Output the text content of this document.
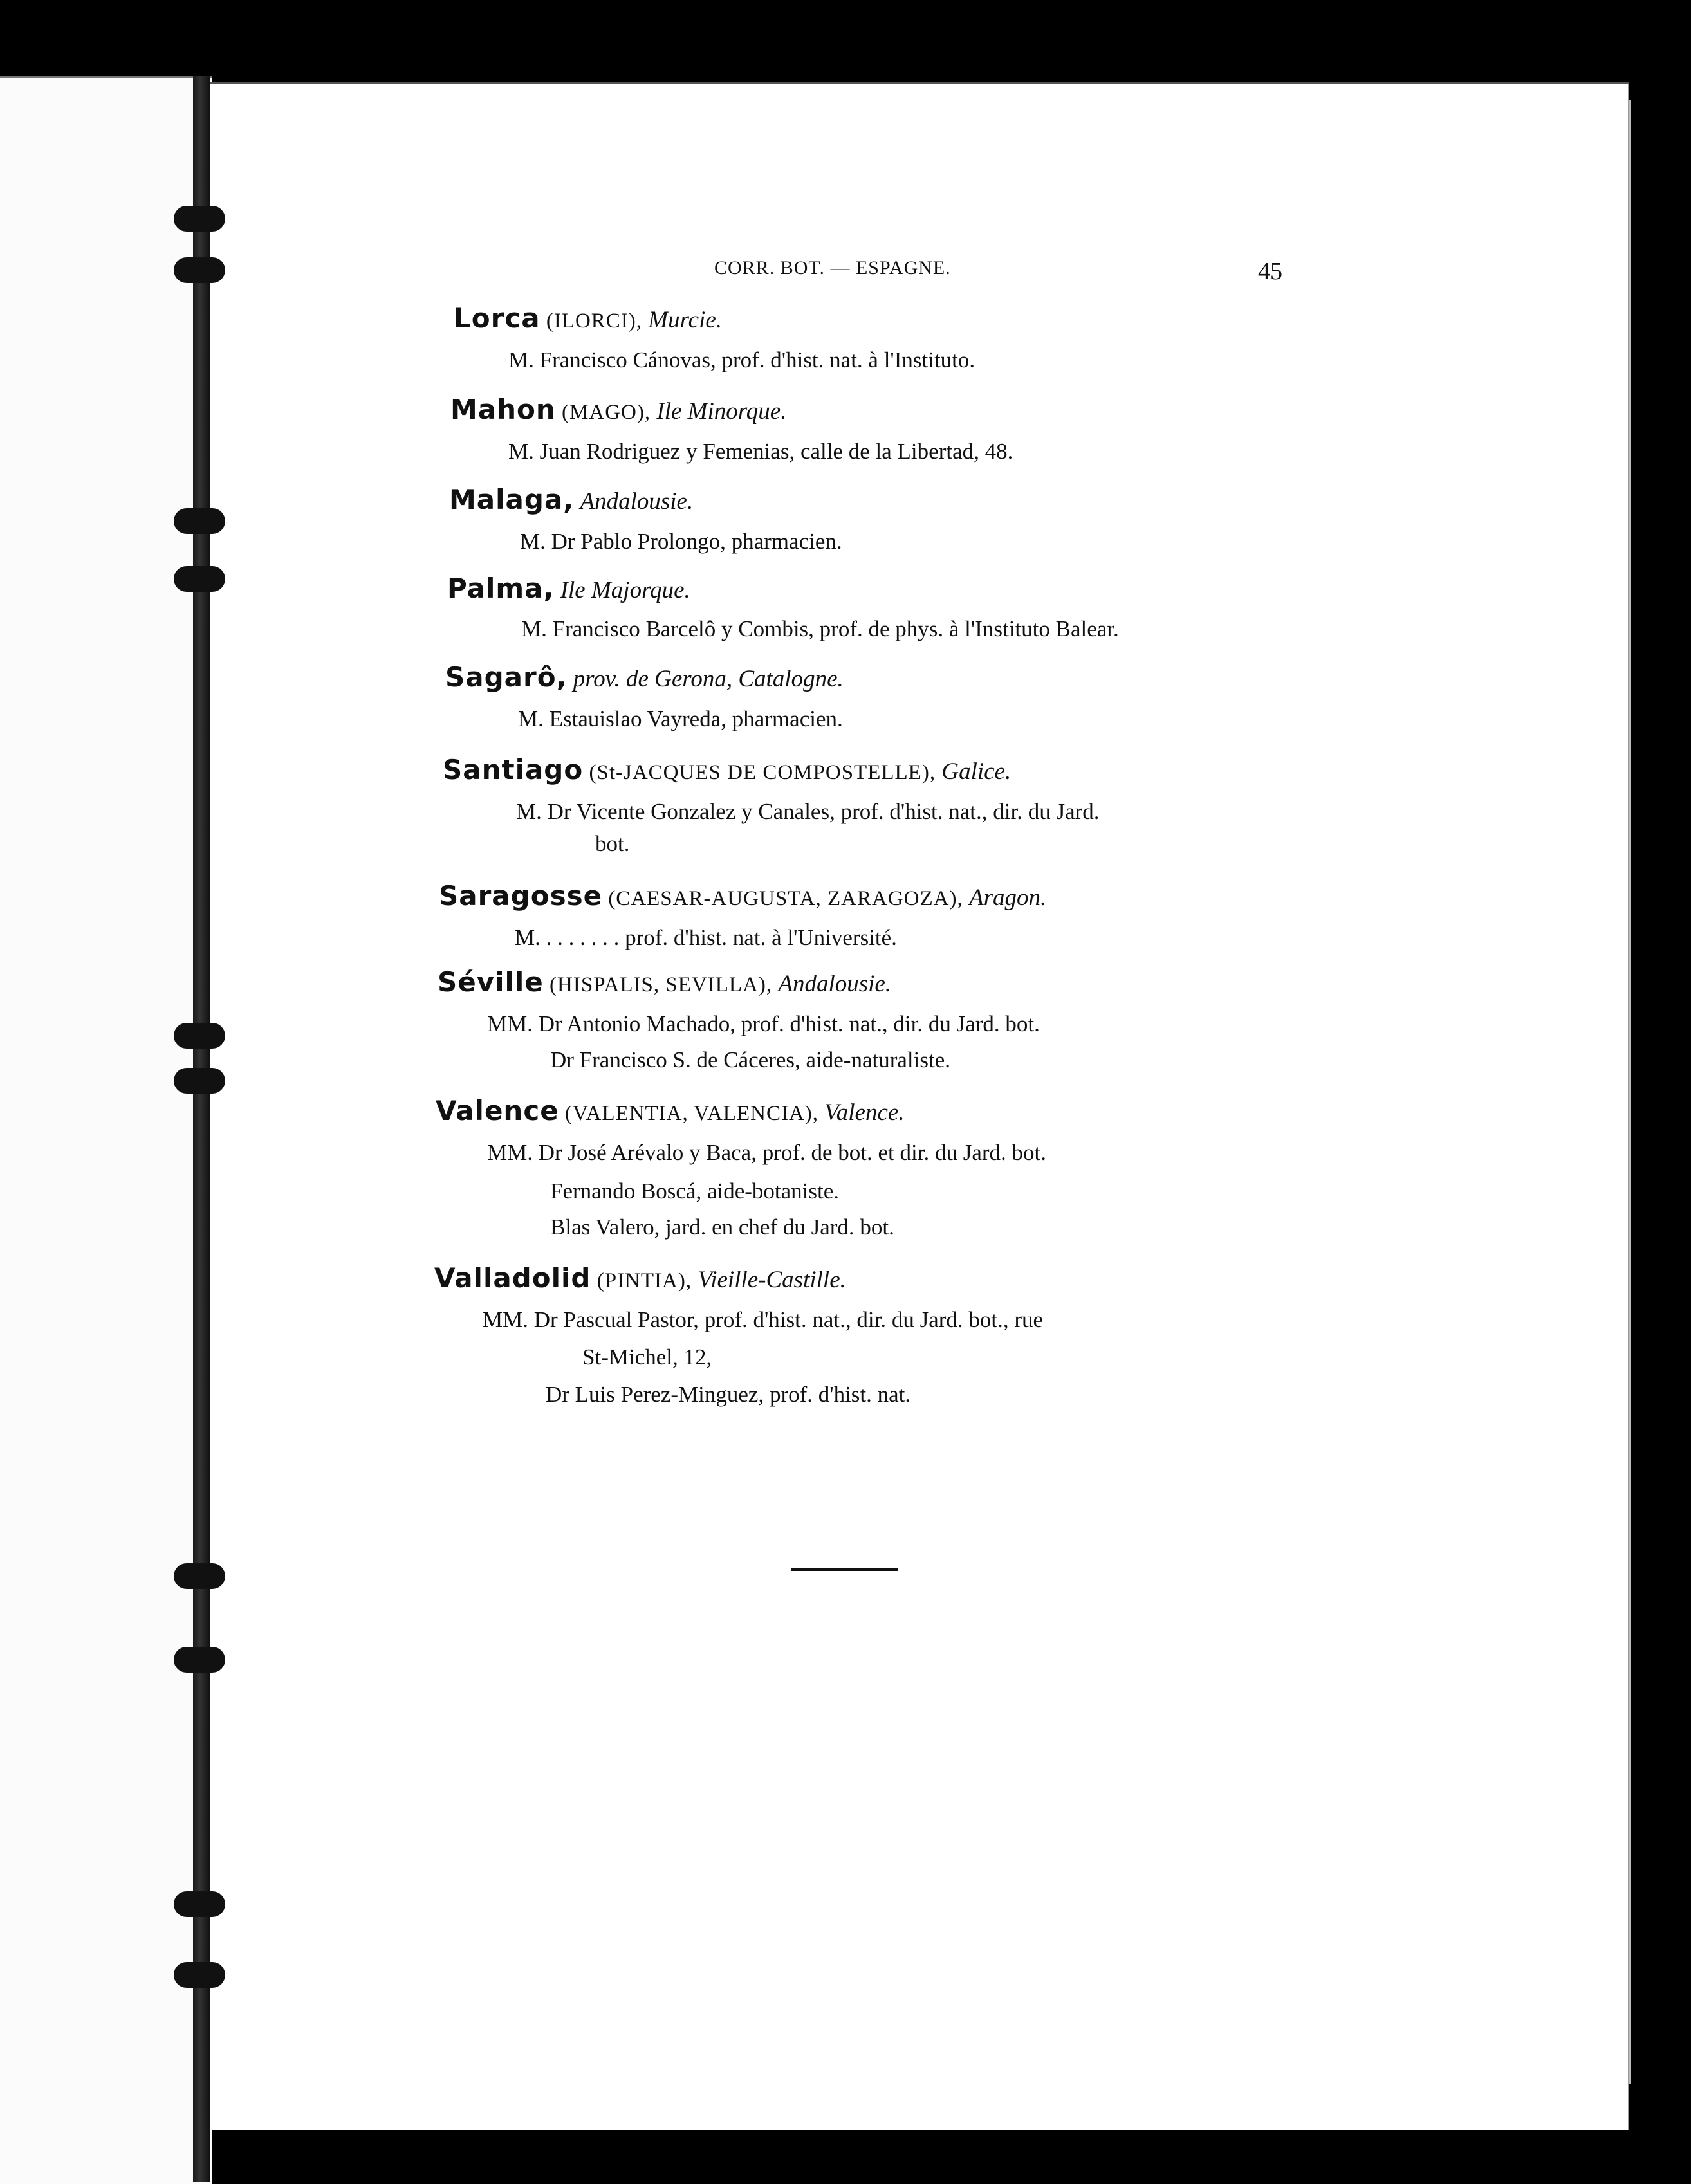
CORR. BOT. — ESPAGNE.	45
Lorca (ILORCI), Murcie.
M. Francisco Cánovas, prof. d'hist. nat. à l'Instituto.
Mahon (MAGO), Ile Minorque.
M. Juan Rodriguez y Femenias, calle de la Libertad, 48.
Malaga, Andalousie.
M. Dr Pablo Prolongo, pharmacien.
Palma, Ile Majorque.
M. Francisco Barcelô y Combis, prof. de phys. à l'Instituto Balear.
Sagarô, prov. de Gerona, Catalogne.
M. Estauislao Vayreda, pharmacien.
Santiago (St-JACQUES DE COMPOSTELLE), Galice.
M. Dr Vicente Gonzalez y Canales, prof. d'hist. nat., dir. du Jard.
bot.
Saragosse (CAESAR-AUGUSTA, ZARAGOZA), Aragon.
M. . . . . . . . prof. d'hist. nat. à l'Université.
Séville (HISPALIS, SEVILLA), Andalousie.
MM. Dr Antonio Machado, prof. d'hist. nat., dir. du Jard. bot.
Dr Francisco S. de Cáceres, aide-naturaliste.
Valence (VALENTIA, VALENCIA), Valence.
MM. Dr José Arévalo y Baca, prof. de bot. et dir. du Jard. bot.
Fernando Boscá, aide-botaniste.
Blas Valero, jard. en chef du Jard. bot.
Valladolid (PINTIA), Vieille-Castille.
MM. Dr Pascual Pastor, prof. d'hist. nat., dir. du Jard. bot., rue
St-Michel, 12,
Dr Luis Perez-Minguez, prof. d'hist. nat.
